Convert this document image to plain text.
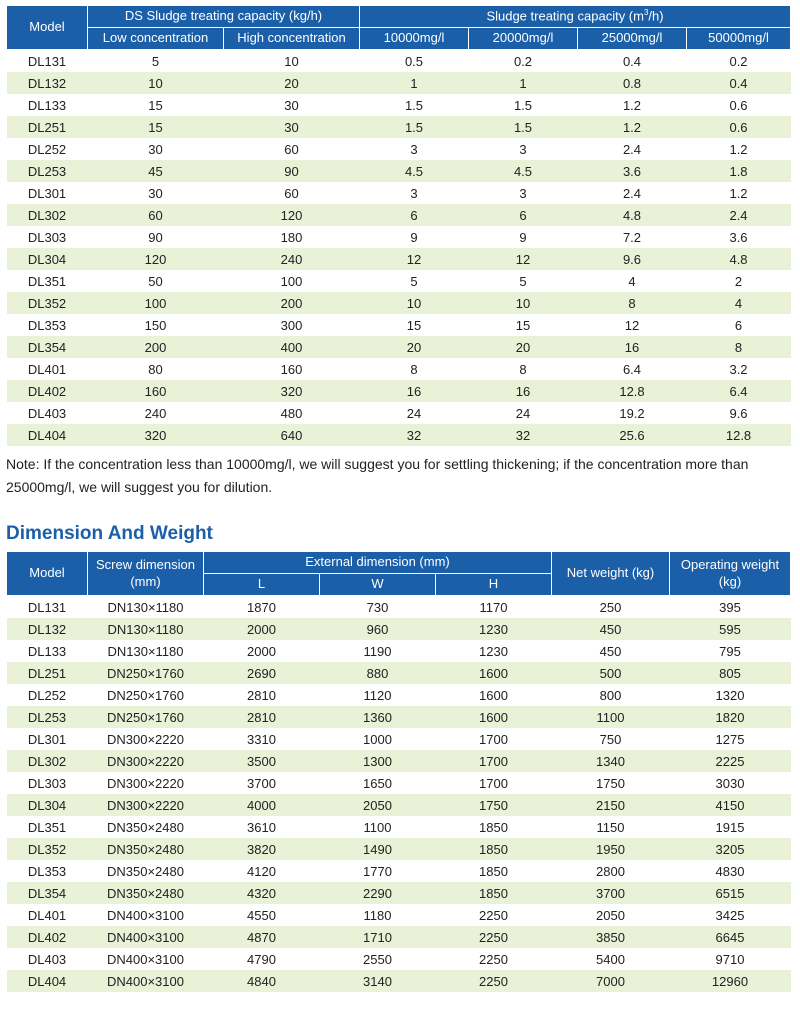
Model	DS Sludge treating capacity (kg/h)		Sludge treating capacity $(m^3/h)$			
	Low concentration	High concentration	10000mg/l	20000mg/l	25000mg/l	50000mg/l
DL131	5	10	0.5	0.2	0.4	0.2
DL132	10	20	1	1	0.8	0.4
DL133	15	30	1.5	1.5	1.2	0.6
DL251	15	30	1.5	1.5	1.2	0.6
DL252	30	60	3	3	2.4	1.2
DL253	45	90	4.5	4.5	3.6	1.8
DL301	30	60	3	3	2.4	1.2
DL302	60	120	6	6	4.8	2.4
DL303	90	180	9	9	7.2	3.6
DL304	120	240	12	12	9.6	4.8
DL351	50	100	5	5	4	2
DL352	100	200	10	10	8	4
DL353	150	300	15	15	12	6
DL354	200	400	20	20	16	8
DL401	80	160	8	8	6.4	3.2
DL402	160	320	16	16	12.8	6.4
DL403	240	480	24	24	19.2	9.6
DL404	320	640	32	32	25.6	12.8
Note: If the concentration less than 10000mg/l, we will suggest you for settling thickening; if the concentration more than 25000mg/l, we will suggest you for dilution.
Dimension And Weight
Model	Screw dimension (mm)	External dimension (mm)			Net weight (kg)	Operating weight (kg)
		L	W	H		
DL131	DN130×1180	1870	730	1170	250	395
DL132	DN130×1180	2000	960	1230	450	595
DL133	DN130×1180	2000	1190	1230	450	795
DL251	DN250×1760	2690	880	1600	500	805
DL252	DN250×1760	2810	1120	1600	800	1320
DL253	DN250×1760	2810	1360	1600	1100	1820
DL301	DN300×2220	3310	1000	1700	750	1275
DL302	DN300×2220	3500	1300	1700	1340	2225
DL303	DN300×2220	3700	1650	1700	1750	3030
DL304	DN300×2220	4000	2050	1750	2150	4150
DL351	DN350×2480	3610	1100	1850	1150	1915
DL352	DN350×2480	3820	1490	1850	1950	3205
DL353	DN350×2480	4120	1770	1850	2800	4830
DL354	DN350×2480	4320	2290	1850	3700	6515
DL401	DN400×3100	4550	1180	2250	2050	3425
DL402	DN400×3100	4870	1710	2250	3850	6645
DL403	DN400×3100	4790	2550	2250	5400	9710
DL404	DN400×3100	4840	3140	2250	7000	12960
